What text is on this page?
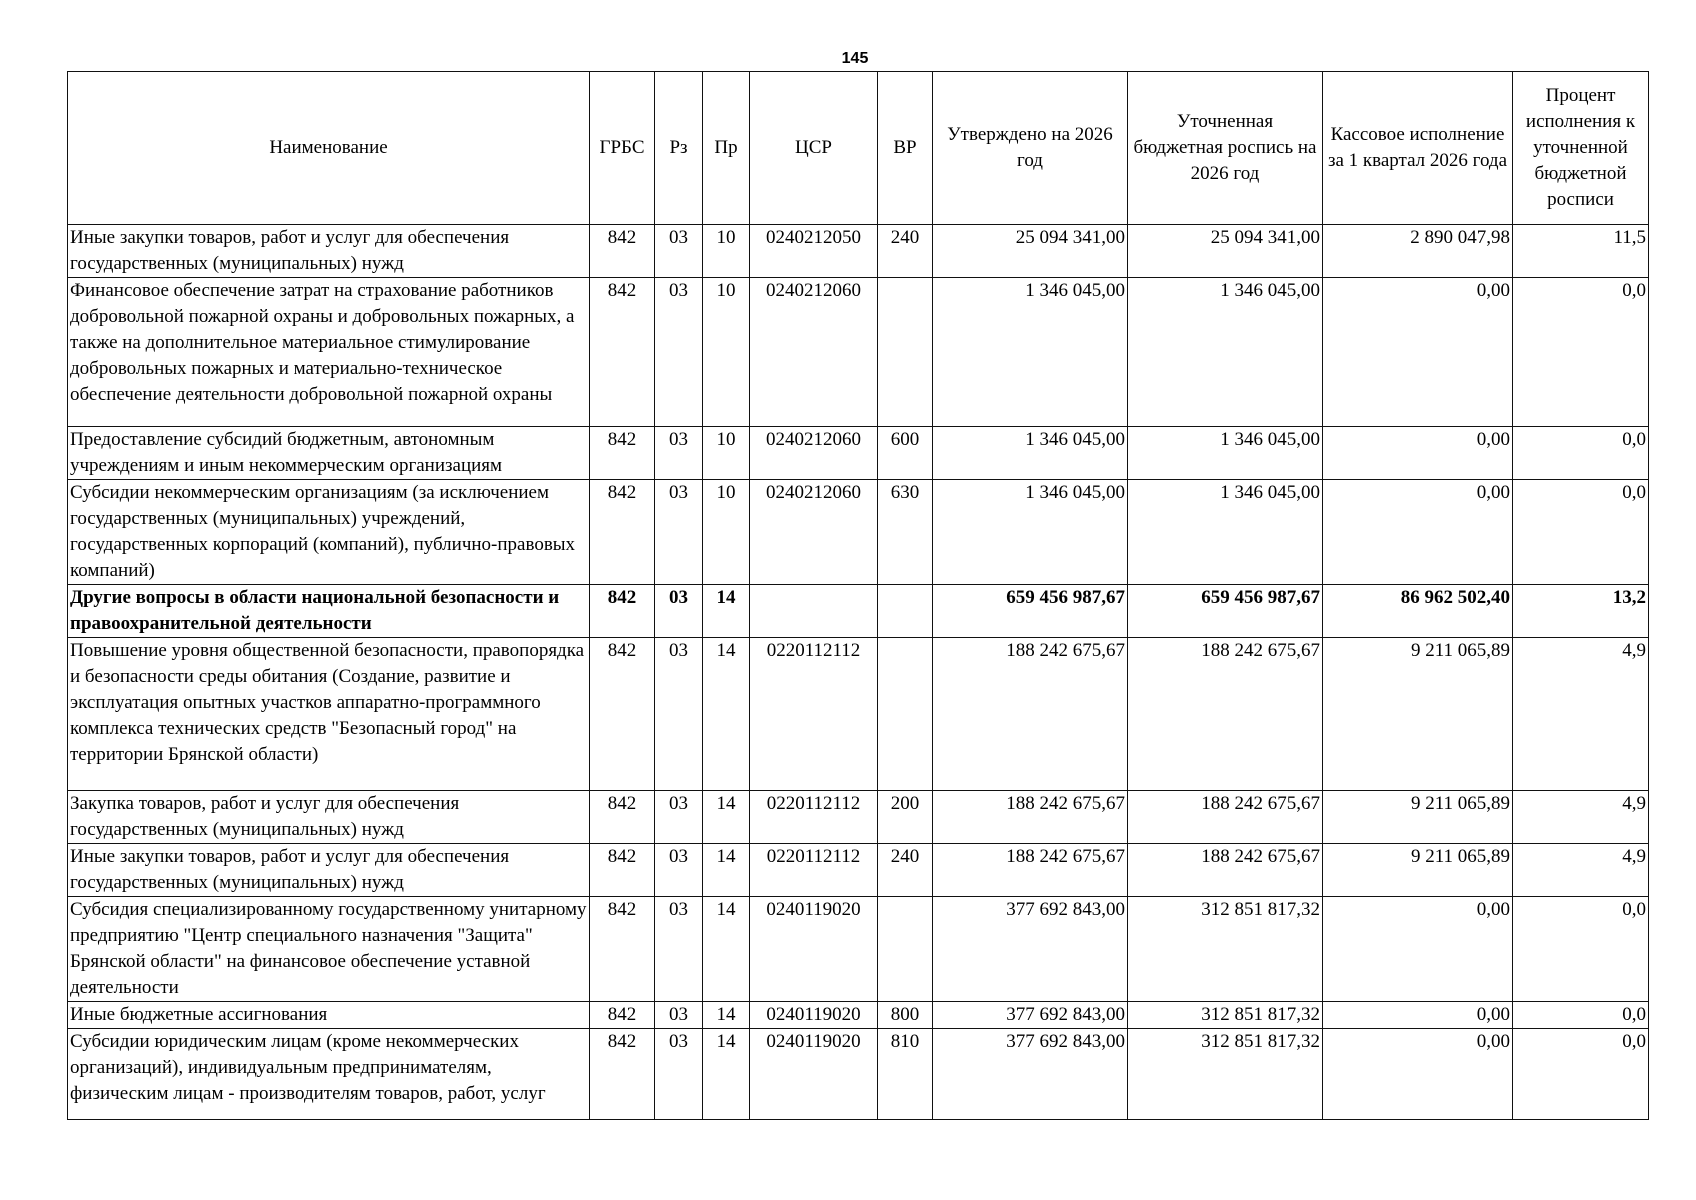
145
Наименование	ГРБС	Рз	Пр	ЦСР	ВР	Утверждено на 2026 год	Уточненная бюджетная роспись на 2026 год	Кассовое исполнение за 1 квартал 2026 года	Процент исполнения к уточненной бюджетной росписи
Иные закупки товаров, работ и услуг для обеспечения государственных (муниципальных) нужд	842	03	10	0240212050	240	25 094 341,00	25 094 341,00	2 890 047,98	11,5
Финансовое обеспечение затрат на страхование работников добровольной пожарной охраны и добровольных пожарных, а также на дополнительное материальное стимулирование добровольных пожарных и материально-техническое обеспечение деятельности добровольной пожарной охраны	842	03	10	0240212060		1 346 045,00	1 346 045,00	0,00	0,0
Предоставление субсидий бюджетным, автономным учреждениям и иным некоммерческим организациям	842	03	10	0240212060	600	1 346 045,00	1 346 045,00	0,00	0,0
Субсидии некоммерческим организациям (за исключением государственных (муниципальных) учреждений, государственных корпораций (компаний), публично-правовых компаний)	842	03	10	0240212060	630	1 346 045,00	1 346 045,00	0,00	0,0
Другие вопросы в области национальной безопасности и правоохранительной деятельности	842	03	14			659 456 987,67	659 456 987,67	86 962 502,40	13,2
Повышение уровня общественной безопасности, правопорядка и безопасности среды обитания (Создание, развитие и эксплуатация опытных участков аппаратно-программного комплекса технических средств "Безопасный город" на территории Брянской области)	842	03	14	0220112112		188 242 675,67	188 242 675,67	9 211 065,89	4,9
Закупка товаров, работ и услуг для обеспечения государственных (муниципальных) нужд	842	03	14	0220112112	200	188 242 675,67	188 242 675,67	9 211 065,89	4,9
Иные закупки товаров, работ и услуг для обеспечения государственных (муниципальных) нужд	842	03	14	0220112112	240	188 242 675,67	188 242 675,67	9 211 065,89	4,9
Субсидия специализированному государственному унитарному предприятию "Центр специального назначения "Защита" Брянской области" на финансовое обеспечение уставной деятельности	842	03	14	0240119020		377 692 843,00	312 851 817,32	0,00	0,0
Иные бюджетные ассигнования	842	03	14	0240119020	800	377 692 843,00	312 851 817,32	0,00	0,0
Субсидии юридическим лицам (кроме некоммерческих организаций), индивидуальным предпринимателям, физическим лицам - производителям товаров, работ, услуг	842	03	14	0240119020	810	377 692 843,00	312 851 817,32	0,00	0,0
